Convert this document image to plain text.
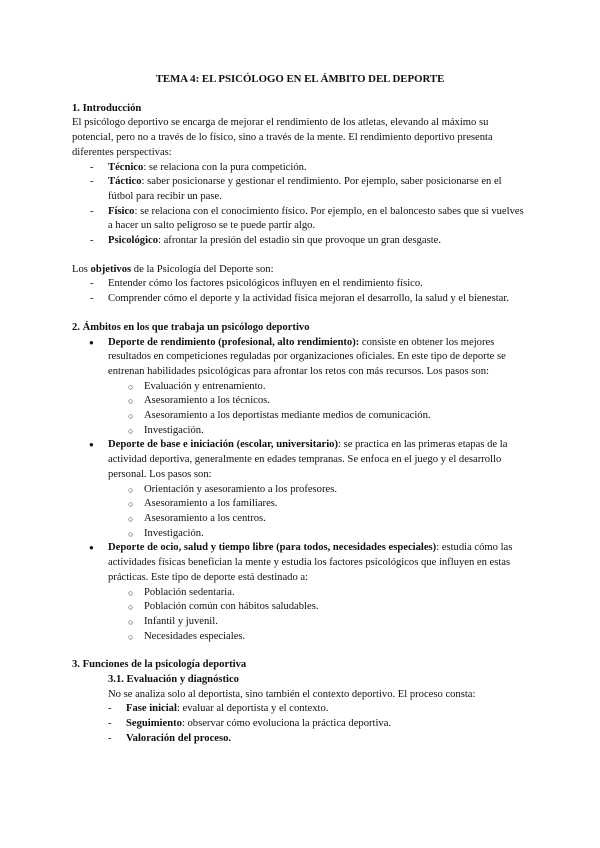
TEMA 4: EL PSICÓLOGO EN EL ÁMBITO DEL DEPORTE
1. Introducción

El psicólogo deportivo se encarga de mejorar el rendimiento de los atletas, elevando al máximo su potencial, pero no a través de lo físico, sino a través de la mente. El rendimiento deportivo presenta diferentes perspectivas:

- Técnico: se relaciona con la pura competición.
- Táctico: saber posicionarse y gestionar el rendimiento. Por ejemplo, saber posicionarse en el fútbol para recibir un pase.
- Físico: se relaciona con el conocimiento físico. Por ejemplo, en el baloncesto sabes que si vuelves a hacer un salto peligroso se te puede partir algo.
- Psicológico: afrontar la presión del estadio sin que provoque un gran desgaste.

Los objetivos de la Psicología del Deporte son:

- Entender cómo los factores psicológicos influyen en el rendimiento físico.
- Comprender cómo el deporte y la actividad física mejoran el desarrollo, la salud y el bienestar.
2. Ámbitos en los que trabaja un psicólogo deportivo
● Deporte de rendimiento (profesional, alto rendimiento): consiste en obtener los mejores resultados en competiciones reguladas por organizaciones oficiales. En este tipo de deporte se entrenan habilidades psicológicas para afrontar los retos con más recursos. Los pasos son:
○ Evaluación y entrenamiento.
○ Asesoramiento a los técnicos.
○ Asesoramiento a los deportistas mediante medios de comunicación.
○ Investigación.
● Deporte de base e iniciación (escolar, universitario): se practica en las primeras etapas de la actividad deportiva, generalmente en edades tempranas. Se enfoca en el juego y el desarrollo personal. Los pasos son:
○ Orientación y asesoramiento a los profesores.
○ Asesoramiento a los familiares.
○ Asesoramiento a los centros.
○ Investigación.
● Deporte de ocio, salud y tiempo libre (para todos, necesidades especiales): estudia cómo las actividades físicas benefician la mente y estudia los factores psicológicos que influyen en estas prácticas. Este tipo de deporte está destinado a:
○ Población sedentaria.
○ Población común con hábitos saludables.
○ Infantil y juvenil.
○ Necesidades especiales.
3. Funciones de la psicología deportiva
3.1. Evaluación y diagnóstico

No se analiza solo al deportista, sino también el contexto deportivo. El proceso consta:

- Fase inicial: evaluar al deportista y el contexto.
- Seguimiento: observar cómo evoluciona la práctica deportiva.
- Valoración del proceso.
